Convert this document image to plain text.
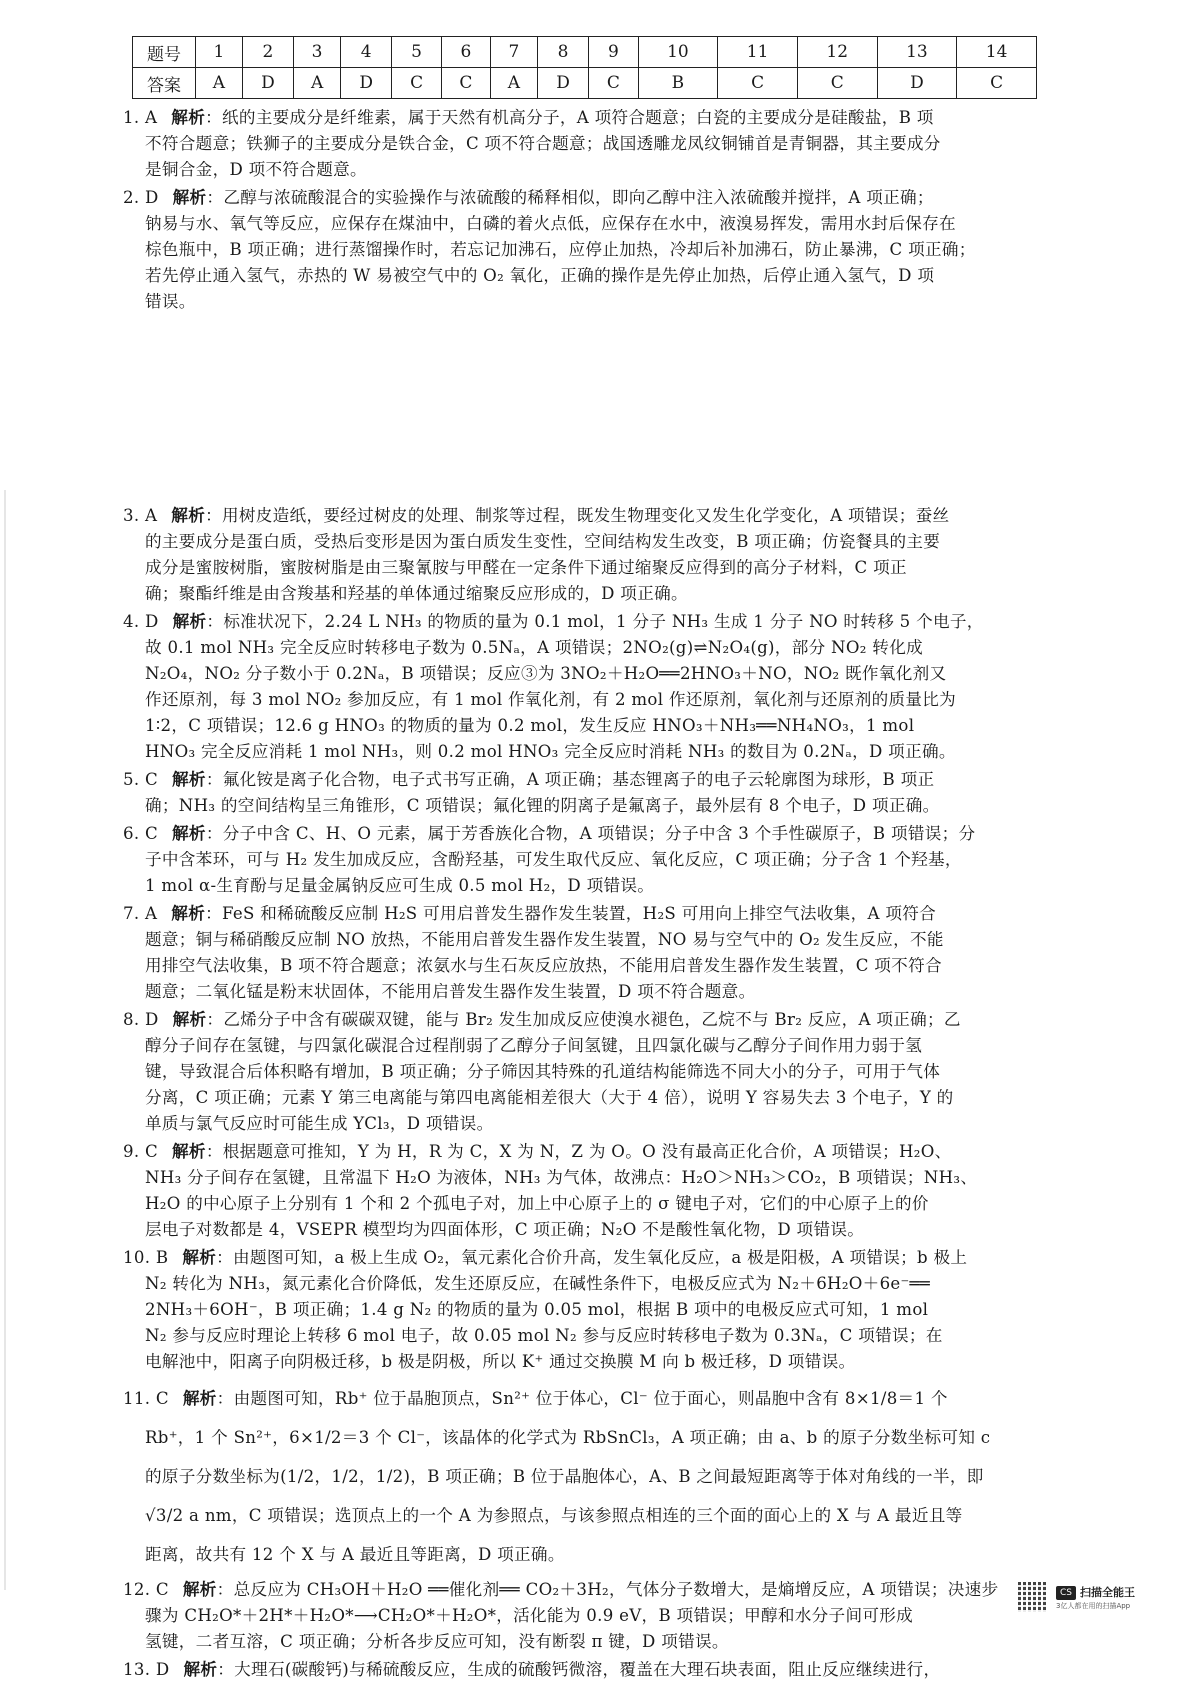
题号	1	2	3	4	5	6	7	8	9	10	11	12	13	14
答案	A	D	A	D	C	C	A	D	C	B	C	C	D	C
1. A 解析：纸的主要成分是纤维素，属于天然有机高分子，A 项符合题意；白瓷的主要成分是硅酸盐，B 项
不符合题意；铁狮子的主要成分是铁合金，C 项不符合题意；战国透雕龙凤纹铜铺首是青铜器，其主要成分
是铜合金，D 项不符合题意。
2. D 解析：乙醇与浓硫酸混合的实验操作与浓硫酸的稀释相似，即向乙醇中注入浓硫酸并搅拌，A 项正确；
钠易与水、氧气等反应，应保存在煤油中，白磷的着火点低，应保存在水中，液溴易挥发，需用水封后保存在
棕色瓶中，B 项正确；进行蒸馏操作时，若忘记加沸石，应停止加热，冷却后补加沸石，防止暴沸，C 项正确；
若先停止通入氢气，赤热的 W 易被空气中的 O₂ 氧化，正确的操作是先停止加热，后停止通入氢气，D 项
错误。
3. A 解析：用树皮造纸，要经过树皮的处理、制浆等过程，既发生物理变化又发生化学变化，A 项错误；蚕丝
的主要成分是蛋白质，受热后变形是因为蛋白质发生变性，空间结构发生改变，B 项正确；仿瓷餐具的主要
成分是蜜胺树脂，蜜胺树脂是由三聚氰胺与甲醛在一定条件下通过缩聚反应得到的高分子材料，C 项正
确；聚酯纤维是由含羧基和羟基的单体通过缩聚反应形成的，D 项正确。
4. D 解析：标准状况下，2.24 L NH₃ 的物质的量为 0.1 mol，1 分子 NH₃ 生成 1 分子 NO 时转移 5 个电子，
故 0.1 mol NH₃ 完全反应时转移电子数为 0.5Nₐ，A 项错误；2NO₂(g)⇌N₂O₄(g)，部分 NO₂ 转化成
N₂O₄，NO₂ 分子数小于 0.2Nₐ，B 项错误；反应③为 3NO₂＋H₂O══2HNO₃＋NO，NO₂ 既作氧化剂又
作还原剂，每 3 mol NO₂ 参加反应，有 1 mol 作氧化剂，有 2 mol 作还原剂，氧化剂与还原剂的质量比为
1∶2，C 项错误；12.6 g HNO₃ 的物质的量为 0.2 mol，发生反应 HNO₃＋NH₃══NH₄NO₃，1 mol
HNO₃ 完全反应消耗 1 mol NH₃，则 0.2 mol HNO₃ 完全反应时消耗 NH₃ 的数目为 0.2Nₐ，D 项正确。
5. C 解析：氟化铵是离子化合物，电子式书写正确，A 项正确；基态锂离子的电子云轮廓图为球形，B 项正
确；NH₃ 的空间结构呈三角锥形，C 项错误；氟化锂的阴离子是氟离子，最外层有 8 个电子，D 项正确。
6. C 解析：分子中含 C、H、O 元素，属于芳香族化合物，A 项错误；分子中含 3 个手性碳原子，B 项错误；分
子中含苯环，可与 H₂ 发生加成反应，含酚羟基，可发生取代反应、氧化反应，C 项正确；分子含 1 个羟基，
1 mol α-生育酚与足量金属钠反应可生成 0.5 mol H₂，D 项错误。
7. A 解析：FeS 和稀硫酸反应制 H₂S 可用启普发生器作发生装置，H₂S 可用向上排空气法收集，A 项符合
题意；铜与稀硝酸反应制 NO 放热，不能用启普发生器作发生装置，NO 易与空气中的 O₂ 发生反应，不能
用排空气法收集，B 项不符合题意；浓氨水与生石灰反应放热，不能用启普发生器作发生装置，C 项不符合
题意；二氧化锰是粉末状固体，不能用启普发生器作发生装置，D 项不符合题意。
8. D 解析：乙烯分子中含有碳碳双键，能与 Br₂ 发生加成反应使溴水褪色，乙烷不与 Br₂ 反应，A 项正确；乙
醇分子间存在氢键，与四氯化碳混合过程削弱了乙醇分子间氢键，且四氯化碳与乙醇分子间作用力弱于氢
键，导致混合后体积略有增加，B 项正确；分子筛因其特殊的孔道结构能筛选不同大小的分子，可用于气体
分离，C 项正确；元素 Y 第三电离能与第四电离能相差很大（大于 4 倍），说明 Y 容易失去 3 个电子，Y 的
单质与氯气反应时可能生成 YCl₃，D 项错误。
9. C 解析：根据题意可推知，Y 为 H，R 为 C，X 为 N，Z 为 O。O 没有最高正化合价，A 项错误；H₂O、
NH₃ 分子间存在氢键，且常温下 H₂O 为液体，NH₃ 为气体，故沸点：H₂O＞NH₃＞CO₂，B 项错误；NH₃、
H₂O 的中心原子上分别有 1 个和 2 个孤电子对，加上中心原子上的 σ 键电子对，它们的中心原子上的价
层电子对数都是 4，VSEPR 模型均为四面体形，C 项正确；N₂O 不是酸性氧化物，D 项错误。
10. B 解析：由题图可知，a 极上生成 O₂，氧元素化合价升高，发生氧化反应，a 极是阳极，A 项错误；b 极上
N₂ 转化为 NH₃，氮元素化合价降低，发生还原反应，在碱性条件下，电极反应式为 N₂＋6H₂O＋6e⁻══
2NH₃＋6OH⁻，B 项正确；1.4 g N₂ 的物质的量为 0.05 mol，根据 B 项中的电极反应式可知，1 mol
N₂ 参与反应时理论上转移 6 mol 电子，故 0.05 mol N₂ 参与反应时转移电子数为 0.3Nₐ，C 项错误；在
电解池中，阳离子向阴极迁移，b 极是阴极，所以 K⁺ 通过交换膜 M 向 b 极迁移，D 项错误。
11. C 解析：由题图可知，Rb⁺ 位于晶胞顶点，Sn²⁺ 位于体心，Cl⁻ 位于面心，则晶胞中含有 8×1/8＝1 个
Rb⁺，1 个 Sn²⁺，6×1/2＝3 个 Cl⁻，该晶体的化学式为 RbSnCl₃，A 项正确；由 a、b 的原子分数坐标可知 c
的原子分数坐标为(1/2，1/2，1/2)，B 项正确；B 位于晶胞体心，A、B 之间最短距离等于体对角线的一半，即
√3/2 a nm，C 项错误；选顶点上的一个 A 为参照点，与该参照点相连的三个面的面心上的 X 与 A 最近且等
距离，故共有 12 个 X 与 A 最近且等距离，D 项正确。
12. C 解析：总反应为 CH₃OH＋H₂O ══催化剂══ CO₂＋3H₂，气体分子数增大，是熵增反应，A 项错误；决速步
骤为 CH₂O*＋2H*＋H₂O*⟶CH₂O*＋H₂O*，活化能为 0.9 eV，B 项错误；甲醇和水分子间可形成
氢键，二者互溶，C 项正确；分析各步反应可知，没有断裂 π 键，D 项错误。
13. D 解析：大理石(碳酸钙)与稀硫酸反应，生成的硫酸钙微溶，覆盖在大理石块表面，阻止反应继续进行，
CS 扫描全能王
3亿人都在用的扫描App
